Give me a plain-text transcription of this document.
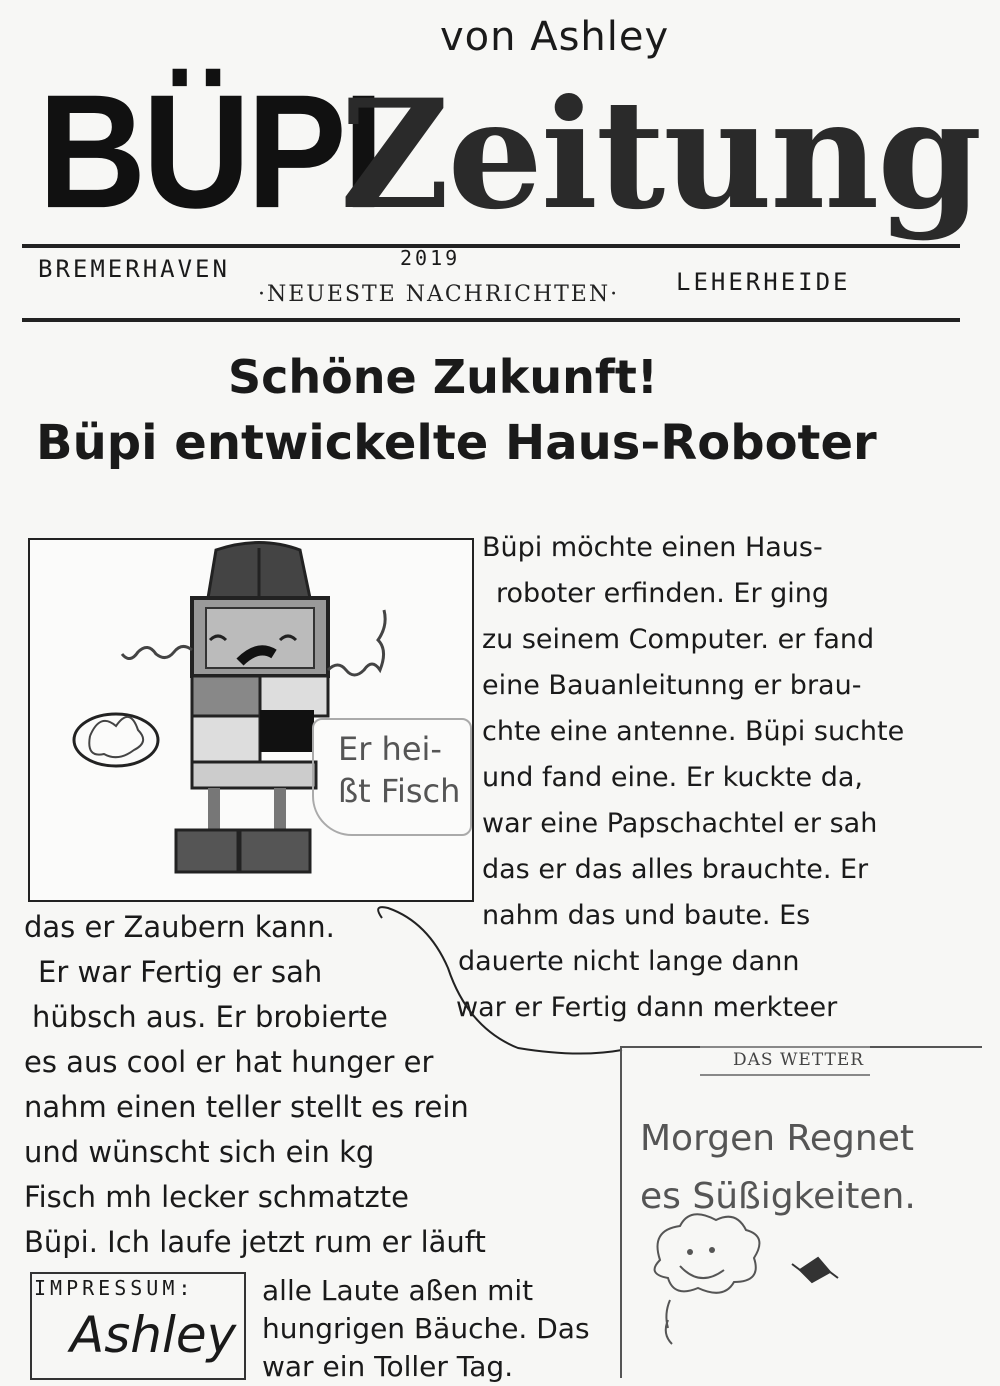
von Ashley
BÜPI
Zeitung
BREMERHAVEN	2019
·NEUESTE NACHRICHTEN· LEHERHEIDE
Schöne Zukunft!
Büpi entwickelte Haus-Roboter
Er hei-
ßt Fisch
Büpi möchte einen Haus-
roboter erfinden. Er ging
zu seinem Computer. er fand
eine Bauanleitunng er brau-
chte eine antenne. Büpi suchte
und fand eine. Er kuckte da,
war eine Papschachtel er sah
das er das alles brauchte. Er
nahm das und baute. Es
dauerte nicht lange dann
war er Fertig dann merkteer
das er Zaubern kann.
Er war Fertig er sah
hübsch aus. Er brobierte
es aus cool er hat hunger er
nahm einen teller stellt es rein
und wünscht sich ein kg
Fisch mh lecker schmatzte
Büpi. Ich laufe jetzt rum er läuft
DAS WETTER
Morgen Regnet
es Süßigkeiten.
IMPRESSUM:
Ashley
alle Laute aßen mit
hungrigen Bäuche. Das
war ein Toller Tag.
